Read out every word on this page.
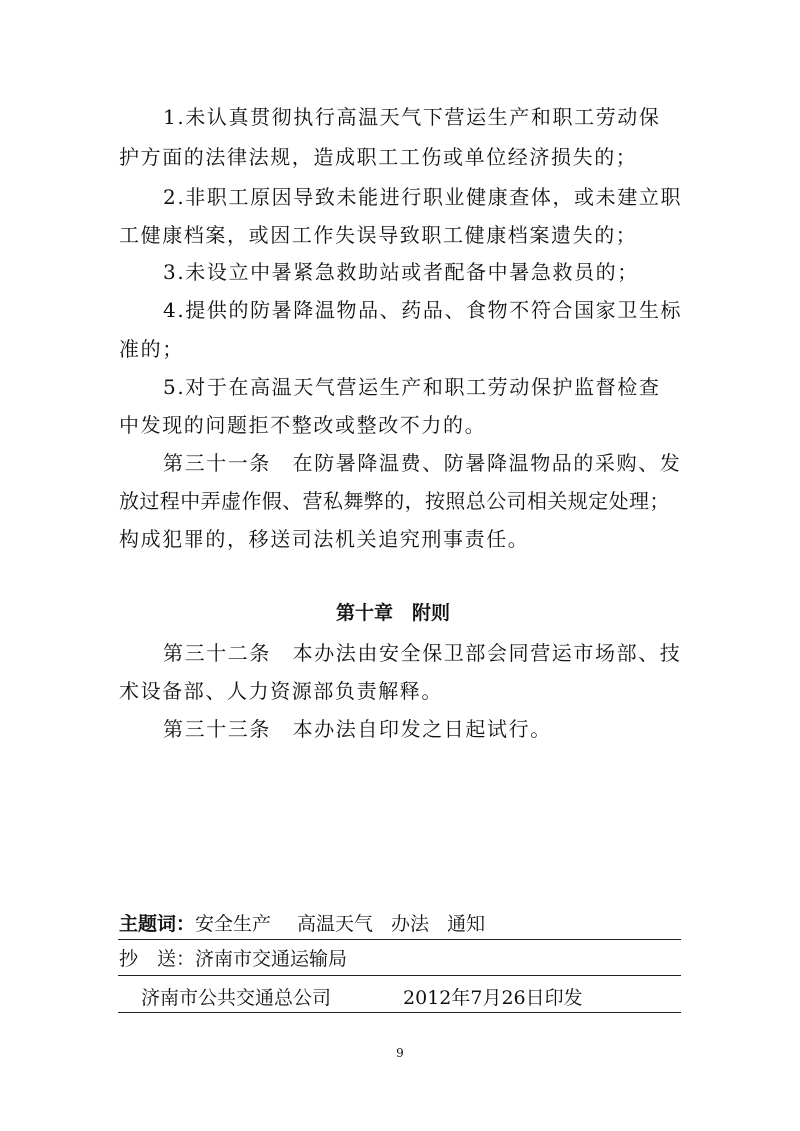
1.未认真贯彻执行高温天气下营运生产和职工劳动保
护方面的法律法规，造成职工工伤或单位经济损失的；
2.非职工原因导致未能进行职业健康查体，或未建立职
工健康档案，或因工作失误导致职工健康档案遗失的；
3.未设立中暑紧急救助站或者配备中暑急救员的；
4.提供的防暑降温物品、药品、食物不符合国家卫生标
准的；
5.对于在高温天气营运生产和职工劳动保护监督检查
中发现的问题拒不整改或整改不力的。
第三十一条　在防暑降温费、防暑降温物品的采购、发
放过程中弄虚作假、营私舞弊的，按照总公司相关规定处理；
构成犯罪的，移送司法机关追究刑事责任。
第十章　附则
第三十二条　本办法由安全保卫部会同营运市场部、技
术设备部、人力资源部负责解释。
第三十三条　本办法自印发之日起试行。
主题词：安全生产 高温天气 办法 通知
抄　送：济南市交通运输局
济南市公共交通总公司	2012年7月26日印发
9
